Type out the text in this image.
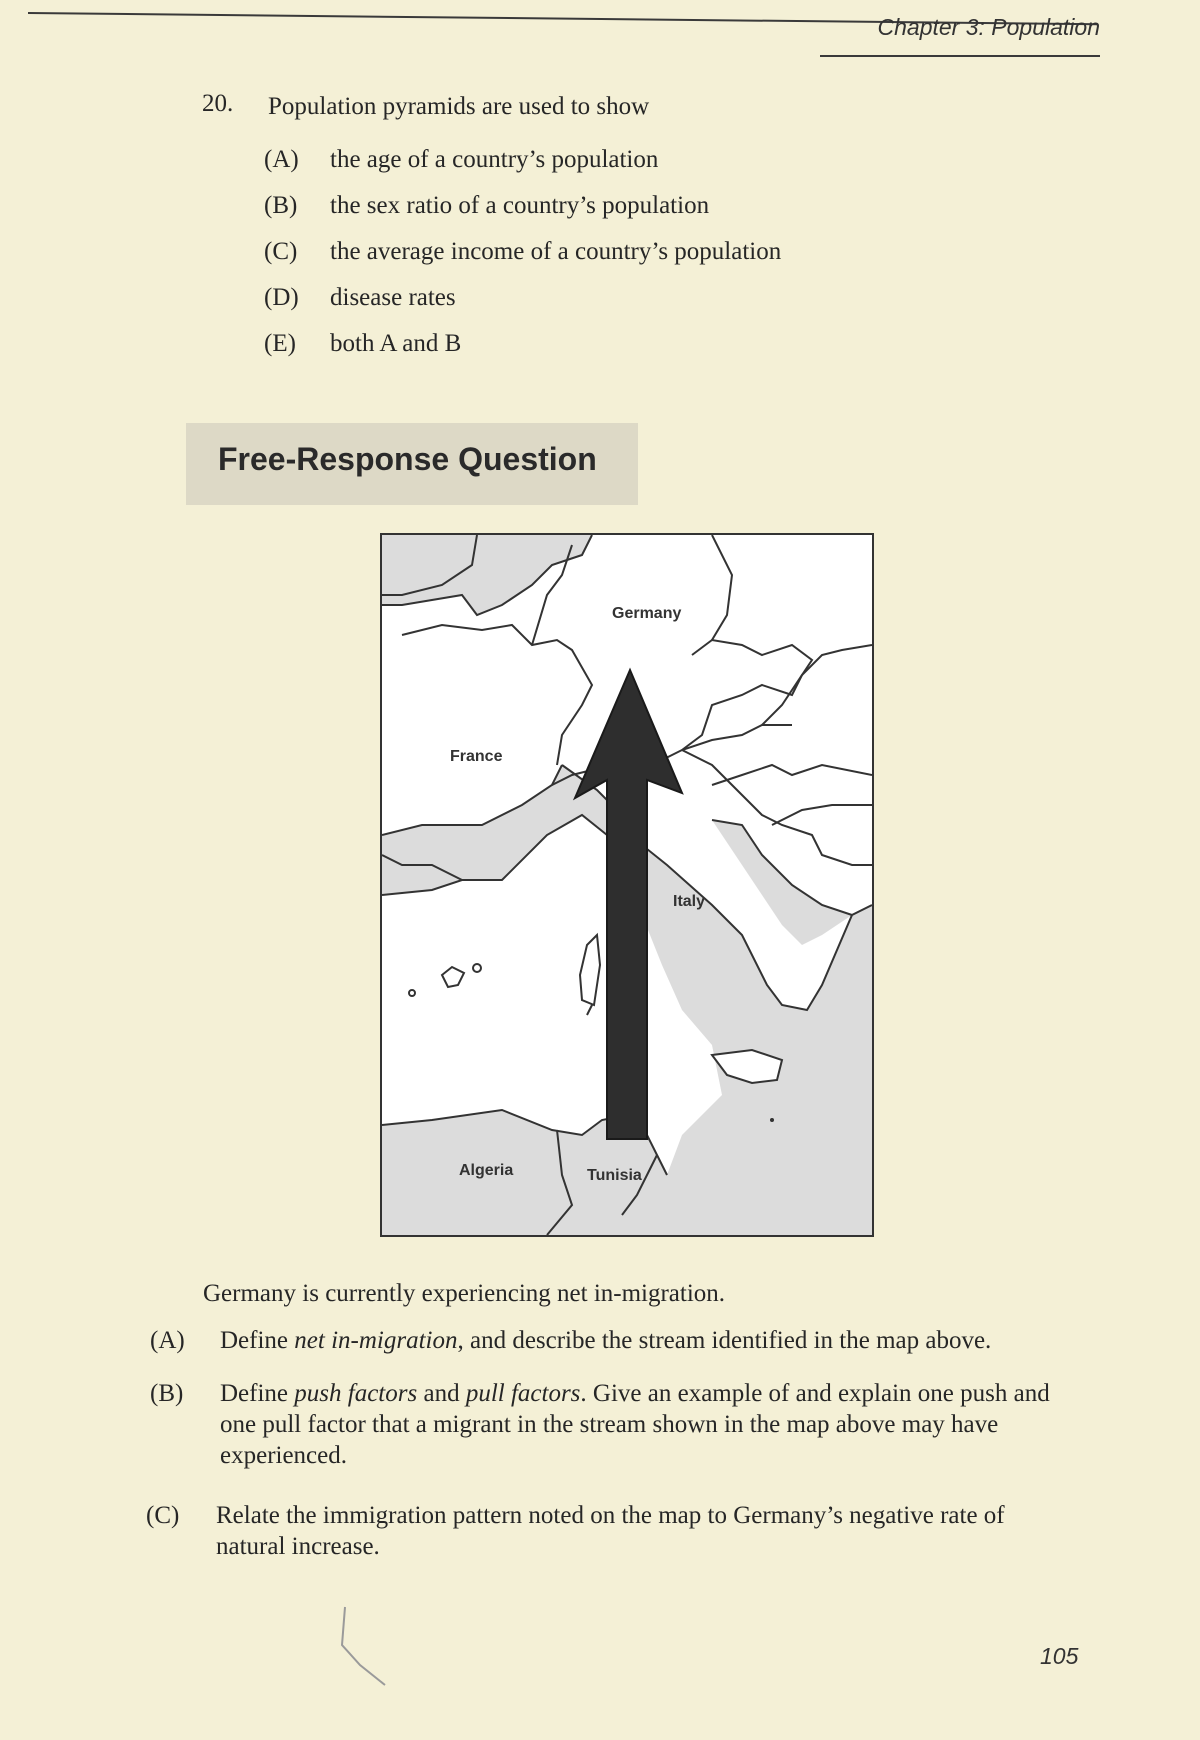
Chapter 3: Population
20. Population pyramids are used to show
(A) the age of a country’s population
(B) the sex ratio of a country’s population
(C) the average income of a country’s population
(D) disease rates
(E) both A and B
Free-Response Question
Germany
France
Italy
Algeria	Tunisia
Germany is currently experiencing net in-migration.
(A) Define net in-migration, and describe the stream identified in the map above.
(B) Define push factors and pull factors. Give an example of and explain one push and one pull factor that a migrant in the stream shown in the map above may have experienced.
(C) Relate the immigration pattern noted on the map to Germany’s negative rate of natural increase.
105
